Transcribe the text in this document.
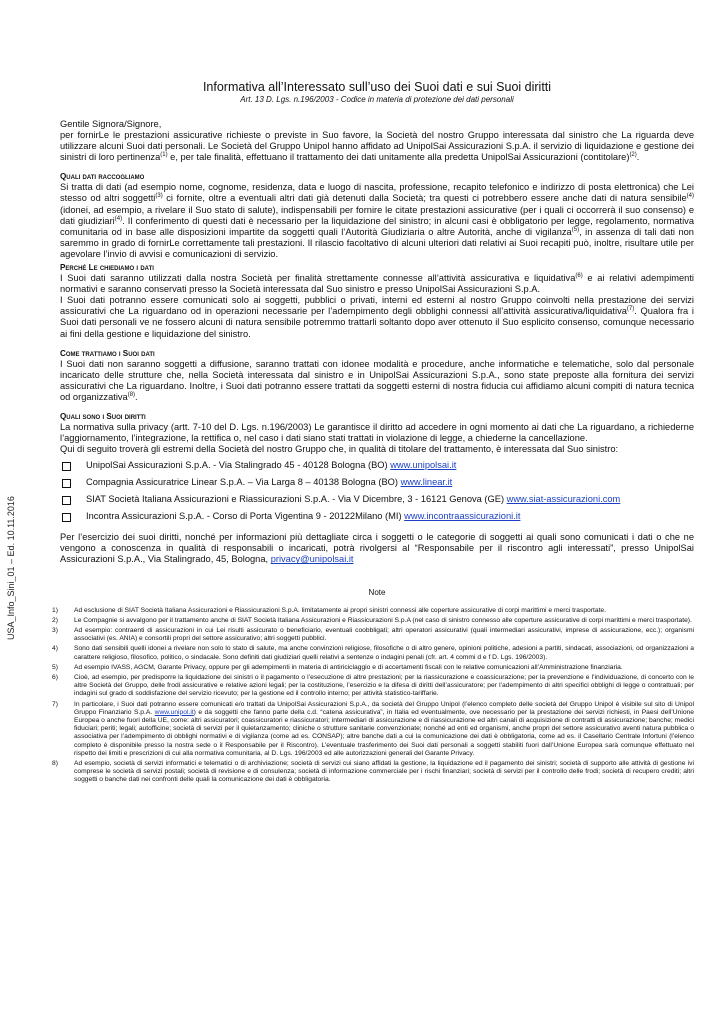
USA_Info_Sini_01 – Ed. 10.11.2016

Informativa all’Interessato sull’uso dei Suoi dati e sui Suoi diritti

Art. 13 D. Lgs. n.196/2003 - Codice in materia di protezione dei dati personali

Gentile Signora/Signore,

per fornirLe le prestazioni assicurative richieste o previste in Suo favore, la Società del nostro Gruppo interessata dal sinistro che La riguarda deve utilizzare alcuni Suoi dati personali. Le Società del Gruppo Unipol hanno affidato ad UnipolSai Assicurazioni S.p.A. il servizio di liquidazione e gestione dei sinistri di loro pertinenza$^{(1)}$ e, per tale finalità, effettuano il trattamento dei dati unitamente alla predetta UnipolSai Assicurazioni (contitolare)$^{(2)}$.

Quali dati raccogliamo

Si tratta di dati (ad esempio nome, cognome, residenza, data e luogo di nascita, professione, recapito telefonico e indirizzo di posta elettronica) che Lei stesso od altri soggetti$^{(3)}$ ci fornite, oltre a eventuali altri dati già detenuti dalla Società; tra questi ci potrebbero essere anche dati di natura sensibile$^{(4)}$ (idonei, ad esempio, a rivelare il Suo stato di salute), indispensabili per fornire le citate prestazioni assicurative (per i quali ci occorrerà il suo consenso) e dati giudiziari$^{(4)}$. Il conferimento di questi dati è necessario per la liquidazione del sinistro; in alcuni casi è obbligatorio per legge, regolamento, normativa comunitaria od in base alle disposizioni impartite da soggetti quali l’Autorità Giudiziaria o altre Autorità, anche di vigilanza$^{(5)}$, in assenza di tali dati non saremmo in grado di fornirLe correttamente tali prestazioni. Il rilascio facoltativo di alcuni ulteriori dati relativi ai Suoi recapiti può, inoltre, risultare utile per agevolare l’invio di avvisi e comunicazioni di servizio.

Perché Le chiediamo i dati

I Suoi dati saranno utilizzati dalla nostra Società per finalità strettamente connesse all’attività assicurativa e liquidativa$^{(6)}$ e ai relativi adempimenti normativi e saranno conservati presso la Società interessata dal Suo sinistro e presso UnipolSai Assicurazioni S.p.A.

I Suoi dati potranno essere comunicati solo ai soggetti, pubblici o privati, interni ed esterni al nostro Gruppo coinvolti nella prestazione dei servizi assicurativi che La riguardano od in operazioni necessarie per l’adempimento degli obblighi connessi all’attività assicurativa/liquidativa$^{(7)}$. Qualora fra i Suoi dati personali ve ne fossero alcuni di natura sensibile potremmo trattarli soltanto dopo aver ottenuto il Suo esplicito consenso, comunque necessario ai fini della gestione e liquidazione del sinistro.

Come trattiamo i Suoi dati

I Suoi dati non saranno soggetti a diffusione, saranno trattati con idonee modalità e procedure, anche informatiche e telematiche, solo dal personale incaricato delle strutture che, nella Società interessata dal sinistro e in UnipolSai Assicurazioni S.p.A., sono state preposte alla fornitura dei servizi assicurativi che La riguardano. Inoltre, i Suoi dati potranno essere trattati da soggetti esterni di nostra fiducia cui affidiamo alcuni compiti di natura tecnica od organizzativa$^{(8)}$.

Quali sono i Suoi diritti

La normativa sulla privacy (artt. 7-10 del D. Lgs. n.196/2003) Le garantisce il diritto ad accedere in ogni momento ai dati che La riguardano, a richiederne l’aggiornamento, l’integrazione, la rettifica o, nel caso i dati siano stati trattati in violazione di legge, a chiederne la cancellazione.

Qui di seguito troverà gli estremi della Società del nostro Gruppo che, in qualità di titolare del trattamento, è interessata dal Suo sinistro:

UnipolSai Assicurazioni S.p.A. - Via Stalingrado 45 - 40128 Bologna (BO) www.unipolsai.it
Compagnia Assicuratrice Linear S.p.A. – Via Larga 8 – 40138 Bologna (BO) www.linear.it
SIAT Società Italiana Assicurazioni e Riassicurazioni S.p.A. - Via V Dicembre, 3 - 16121 Genova (GE) www.siat-assicurazioni.com
Incontra Assicurazioni S.p.A. - Corso di Porta Vigentina 9 - 20122Milano (MI) www.incontraassicurazioni.it

Per l’esercizio dei suoi diritti, nonché per informazioni più dettagliate circa i soggetti o le categorie di soggetti ai quali sono comunicati i dati o che ne vengono a conoscenza in qualità di responsabili o incaricati, potrà rivolgersi al “Responsabile per il riscontro agli interessati”, presso UnipolSai Assicurazioni S.p.A., Via Stalingrado, 45, Bologna, privacy@unipolsai.it

Note

1)	Ad esclusione di SIAT Società Italiana Assicurazioni e Riassicurazioni S.p.A. limitatamente ai propri sinistri connessi alle coperture assicurative di corpi marittimi e merci trasportate.
2)	Le Compagnie si avvalgono per il trattamento anche di SIAT Società Italiana Assicurazioni e Riassicurazioni S.p.A (nel caso di sinistro connesso alle coperture assicurative di corpi marittimi e merci trasportate).
3)	Ad esempio: contraenti di assicurazioni in cui Lei risulti assicurato o beneficiario, eventuali coobbligati; altri operatori assicurativi (quali intermediari assicurativi, imprese di assicurazione, ecc.); organismi associativi (es. ANIA) e consortili propri del settore assicurativo; altri soggetti pubblici.
4)	Sono dati sensibili quelli idonei a rivelare non solo lo stato di salute, ma anche convinzioni religiose, filosofiche o di altro genere, opinioni politiche, adesioni a partiti, sindacati, associazioni, od organizzazioni a carattere religioso, filosofico, politico, o sindacale. Sono definiti dati giudiziari quelli relativi a sentenze o indagini penali (cfr. art. 4 commi d e f D. Lgs. 196/2003).
5)	Ad esempio IVASS, AGCM, Garante Privacy, oppure per gli adempimenti in materia di antiriciclaggio e di accertamenti fiscali con le relative comunicazioni all’Amministrazione finanziaria.
6)	Cioè, ad esempio, per predisporre la liquidazione dei sinistri o il pagamento o l’esecuzione di altre prestazioni; per la riassicurazione e coassicurazione; per la prevenzione e l’individuazione, di concerto con le altre Società del Gruppo, delle frodi assicurative e relative azioni legali; per la costituzione, l’esercizio e la difesa di diritti dell’assicuratore; per l’adempimento di altri specifici obblighi di legge o contrattuali; per indagini sul grado di soddisfazione del servizio ricevuto; per la gestione ed il controllo interno; per attività statistico-tariffarie.
7)	In particolare, i Suoi dati potranno essere comunicati e/o trattati da UnipolSai Assicurazioni S.p.A., da società del Gruppo Unipol (l’elenco completo delle società del Gruppo Unipol è visibile sul sito di Unipol Gruppo Finanziario S.p.A. www.unipol.it) e da soggetti che fanno parte della c.d. “catena assicurativa”, in Italia ed eventualmente, ove necessario per la prestazione dei servizi richiesti, in Paesi dell’Unione Europea o anche fuori della UE, come: altri assicuratori; coassicuratori e riassicuratori; intermediari di assicurazione e di riassicurazione ed altri canali di acquisizione di contratti di assicurazione; banche; medici fiduciari; periti; legali; autofficine; società di servizi per il quietanzamento; cliniche o strutture sanitarie convenzionate; nonché ad enti ed organismi, anche propri del settore assicurativo aventi natura pubblica o associativa per l’adempimento di obblighi normativi e di vigilanza (come ad es. CONSAP); altre banche dati a cui la comunicazione dei dati è obbligatoria, come ad es. il Casellario Centrale Infortuni (l’elenco completo è disponibile presso la nostra sede o il Responsabile per il Riscontro). L’eventuale trasferimento dei Suoi dati personali a soggetti stabiliti fuori dall’Unione Europea sarà comunque effettuato nel rispetto dei limiti e prescrizioni di cui alla normativa comunitaria, al D. Lgs. 196/2003 ed alle autorizzazioni generali del Garante Privacy.
8)	Ad esempio, società di servizi informatici e telematici o di archiviazione; società di servizi cui siano affidati la gestione, la liquidazione ed il pagamento dei sinistri; società di supporto alle attività di gestione ivi comprese le società di servizi postali; società di revisione e di consulenza; società di informazione commerciale per i rischi finanziari; società di servizi per il controllo delle frodi; società di recupero crediti; altri soggetti o banche dati nei confronti delle quali la comunicazione dei dati è obbligatoria.
